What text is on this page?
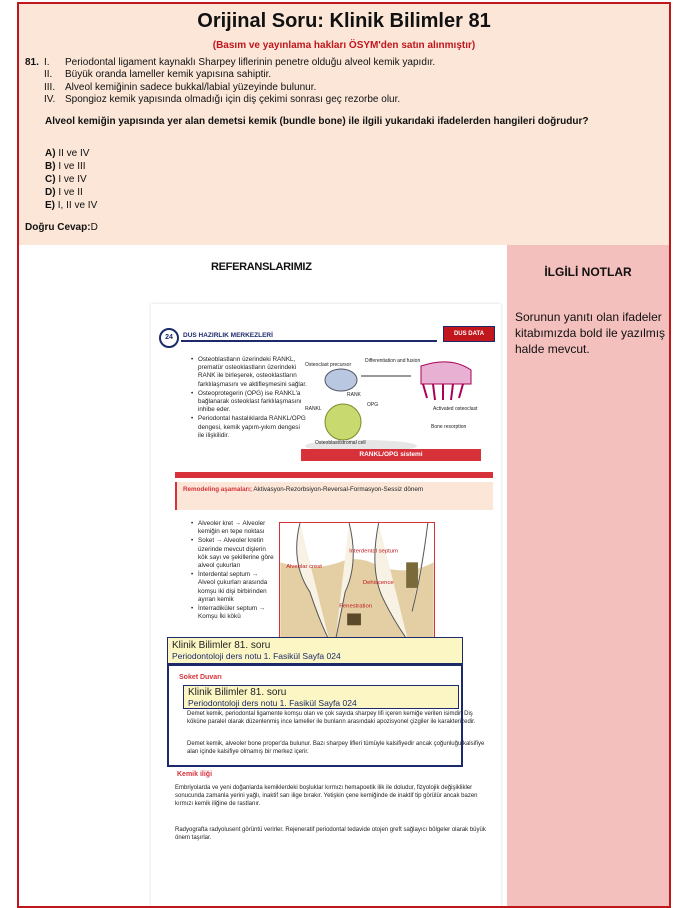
Orijinal Soru: Klinik Bilimler 81
(Basım ve yayınlama hakları ÖSYM'den satın alınmıştır)
81. I.	Periodontal ligament kaynaklı Sharpey liflerinin penetre olduğu alveol kemik yapıdır.
II.	Büyük oranda lameller kemik yapısına sahiptir.
III. Alveol kemiğinin sadece bukkal/labial yüzeyinde bulunur.
IV. Spongioz kemik yapısında olmadığı için diş çekimi sonrası geç rezorbe olur.
Alveol kemiğin yapısında yer alan demetsi kemik (bundle bone) ile ilgili yukarıdaki ifadelerden hangileri doğrudur?
A) II ve IV
B) I ve III
C) I ve IV
D) I ve II
E) I, II ve IV
Doğru Cevap:D
REFERANSLARIMIZ	İLGİLİ NOTLAR
Sorunun yanıtı olan ifadeler kitabımızda bold ile yazılmış halde mevcut.
24	DUS HAZIRLIK MERKEZLERİ	DUS DATA
• Osteoblastların üzerindeki RANKL, prematür osteoklastların üzerindeki RANK ile birleşerek, osteoklastların farklılaşmasını ve aktifleşmesini sağlar.
• Osteoprotegerin (OPG) ise RANKL'a bağlanarak osteoklast farklılaşmasını inhibe eder.
• Periodontal hastalıklarda RANKL/OPG dengesi, kemik yapım-yıkım dengesi ile ilişkilidir.
Osteoclast precursor
Differentiation and fusion
Activated osteoclast
RANK
RANKL
OPG
Bone resorption
Osteoblast/stromal cell
RANKL/OPG sistemi
Remodeling aşamaları; Aktivasyon-Rezorbsiyon-Reversal-Formasyon-Sessiz dönem
• Alveoler kret → Alveoler kemiğin en tepe noktası
• Soket → Alveoler kretin üzerinde mevcut dişlerin kök sayı ve şekillerine göre alveol çukurları
• İnterdental septum → Alveol çukurları arasında komşu iki dişi birbirinden ayıran kemik
• İnterradiküler septum → Komşu İki kökü
Alveolar crest
Interdental septum
Dehiscence
Fenestration
Soket Duvarı
Demet kemik, periodontal ligamente komşu olan ve çok sayıda sharpey lifi içeren kemiğe verilen isimdir. Diş köküne paralel olarak düzenlenmiş ince lameller ile bunların arasındaki apozisyonel çizgiler ile karakterizedir.
Demet kemik, alveoler bone proper'da bulunur. Bazı sharpey lifleri tümüyle kalsifiyedir ancak çoğunluğu kalsifiye alan içinde kalsifiye olmamış bir merkez içerir.
Kemik iliği
Embriyolarda ve yeni doğanlarda kemiklerdeki boşluklar kırmızı hemapoetik ilik ile doludur, fizyolojik değişiklikler sonucunda zamanla yerini yağlı, inaktif sarı ilige bırakır. Yetişkin çene kemiğinde de inaktif tip görülür ancak bazen kırmızı kemik iliğine de rastlanır.
Radyografta radyolusent görüntü verirler. Rejeneratif periodontal tedavide otojen greft sağlayıcı bölgeler olarak büyük önem taşırlar.
Klinik Bilimler 81. soru
Periodontoloji ders notu 1. Fasikül Sayfa 024
Klinik Bilimler 81. soru
Periodontoloji ders notu 1. Fasikül Sayfa 024
